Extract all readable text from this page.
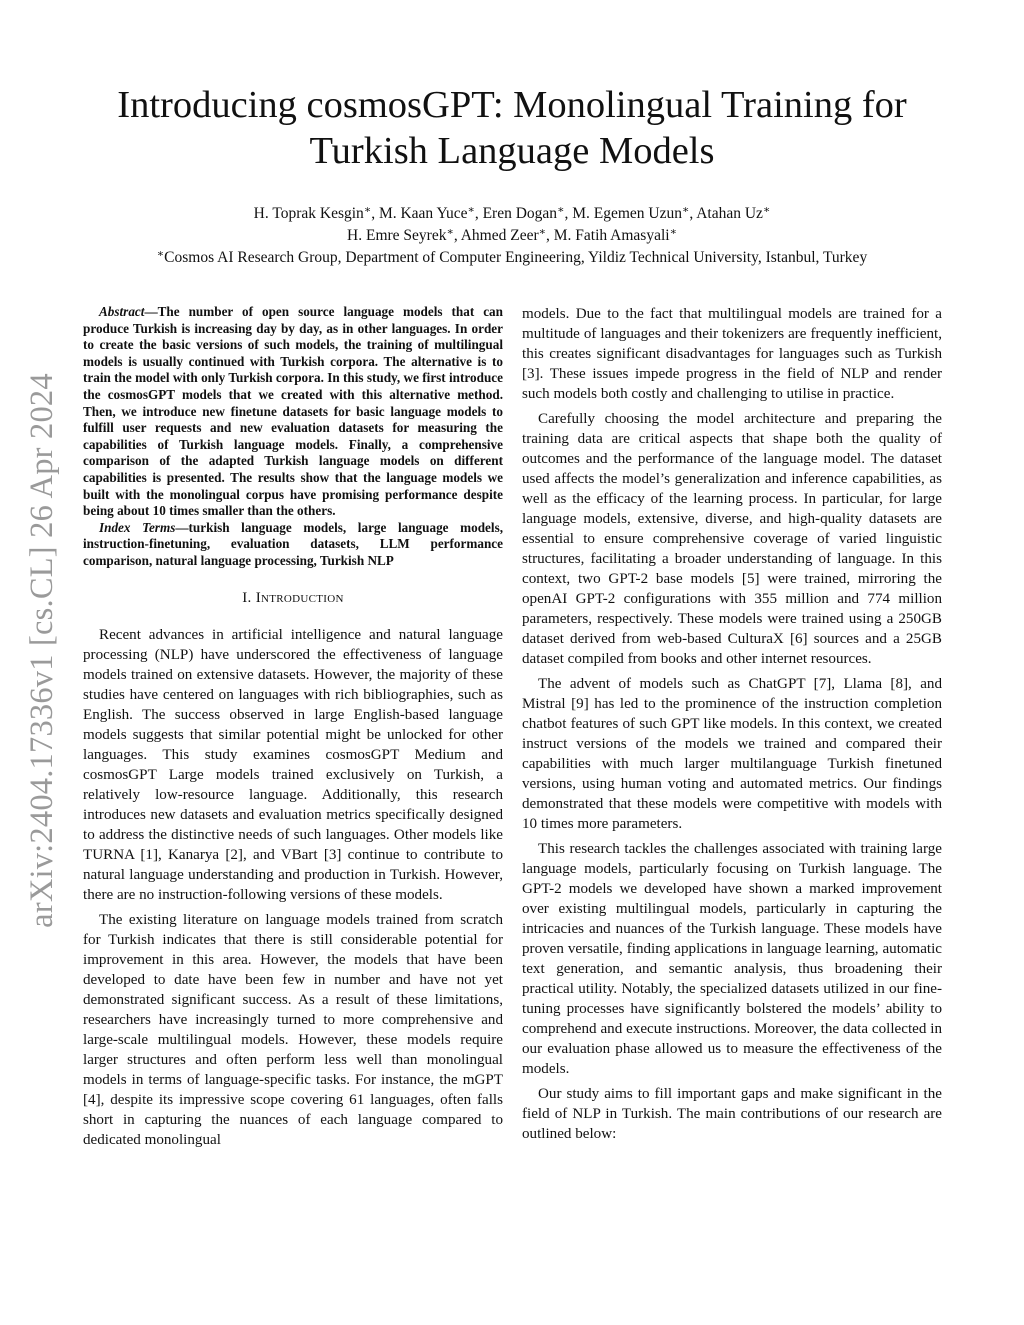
arXiv:2404.17336v1 [cs.CL] 26 Apr 2024
Introducing cosmosGPT: Monolingual Training for
Turkish Language Models

H. Toprak Kesgin∗, M. Kaan Yuce∗, Eren Dogan∗, M. Egemen Uzun∗, Atahan Uz∗

H. Emre Seyrek∗, Ahmed Zeer∗, M. Fatih Amasyali∗

∗Cosmos AI Research Group, Department of Computer Engineering, Yildiz Technical University, Istanbul, Turkey

Abstract—The number of open source language models that can produce Turkish is increasing day by day, as in other languages. In order to create the basic versions of such models, the training of multilingual models is usually continued with Turkish corpora. The alternative is to train the model with only Turkish corpora. In this study, we first introduce the cosmosGPT models that we created with this alternative method. Then, we introduce new finetune datasets for basic language models to fulfill user requests and new evaluation datasets for measuring the capabilities of Turkish language models. Finally, a comprehensive comparison of the adapted Turkish language models on different capabilities is presented. The results show that the language models we built with the monolingual corpus have promising performance despite being about 10 times smaller than the others.

Index Terms—turkish language models, large language models, instruction-finetuning, evaluation datasets, LLM performance comparison, natural language processing, Turkish NLP

I. Introduction

Recent advances in artificial intelligence and natural language processing (NLP) have underscored the effectiveness of language models trained on extensive datasets. However, the majority of these studies have centered on languages with rich bibliographies, such as English. The success observed in large English-based language models suggests that similar potential might be unlocked for other languages. This study examines cosmosGPT Medium and cosmosGPT Large models trained exclusively on Turkish, a relatively low-resource language. Additionally, this research introduces new datasets and evaluation metrics specifically designed to address the distinctive needs of such languages. Other models like TURNA [1], Kanarya [2], and VBart [3] continue to contribute to natural language understanding and production in Turkish. However, there are no instruction-following versions of these models.

The existing literature on language models trained from scratch for Turkish indicates that there is still considerable potential for improvement in this area. However, the models that have been developed to date have been few in number and have not yet demonstrated significant success. As a result of these limitations, researchers have increasingly turned to more comprehensive and large-scale multilingual models. However, these models require larger structures and often perform less well than monolingual models in terms of language-specific tasks. For instance, the mGPT [4], despite its impressive scope covering 61 languages, often falls short in capturing the nuances of each language compared to dedicated monolingual

models. Due to the fact that multilingual models are trained for a multitude of languages and their tokenizers are frequently inefficient, this creates significant disadvantages for languages such as Turkish [3]. These issues impede progress in the field of NLP and render such models both costly and challenging to utilise in practice.

Carefully choosing the model architecture and preparing the training data are critical aspects that shape both the quality of outcomes and the performance of the language model. The dataset used affects the model’s generalization and inference capabilities, as well as the efficacy of the learning process. In particular, for large language models, extensive, diverse, and high-quality datasets are essential to ensure comprehensive coverage of varied linguistic structures, facilitating a broader understanding of language. In this context, two GPT-2 base models [5] were trained, mirroring the openAI GPT-2 configurations with 355 million and 774 million parameters, respectively. These models were trained using a 250GB dataset derived from web-based CulturaX [6] sources and a 25GB dataset compiled from books and other internet resources.

The advent of models such as ChatGPT [7], Llama [8], and Mistral [9] has led to the prominence of the instruction completion chatbot features of such GPT like models. In this context, we created instruct versions of the models we trained and compared their capabilities with much larger multilanguage Turkish finetuned versions, using human voting and automated metrics. Our findings demonstrated that these models were competitive with models with 10 times more parameters.

This research tackles the challenges associated with training large language models, particularly focusing on Turkish language. The GPT-2 models we developed have shown a marked improvement over existing multilingual models, particularly in capturing the intricacies and nuances of the Turkish language. These models have proven versatile, finding applications in language learning, automatic text generation, and semantic analysis, thus broadening their practical utility. Notably, the specialized datasets utilized in our fine-tuning processes have significantly bolstered the models’ ability to comprehend and execute instructions. Moreover, the data collected in our evaluation phase allowed us to measure the effectiveness of the models.

Our study aims to fill important gaps and make significant in the field of NLP in Turkish. The main contributions of our research are outlined below:
